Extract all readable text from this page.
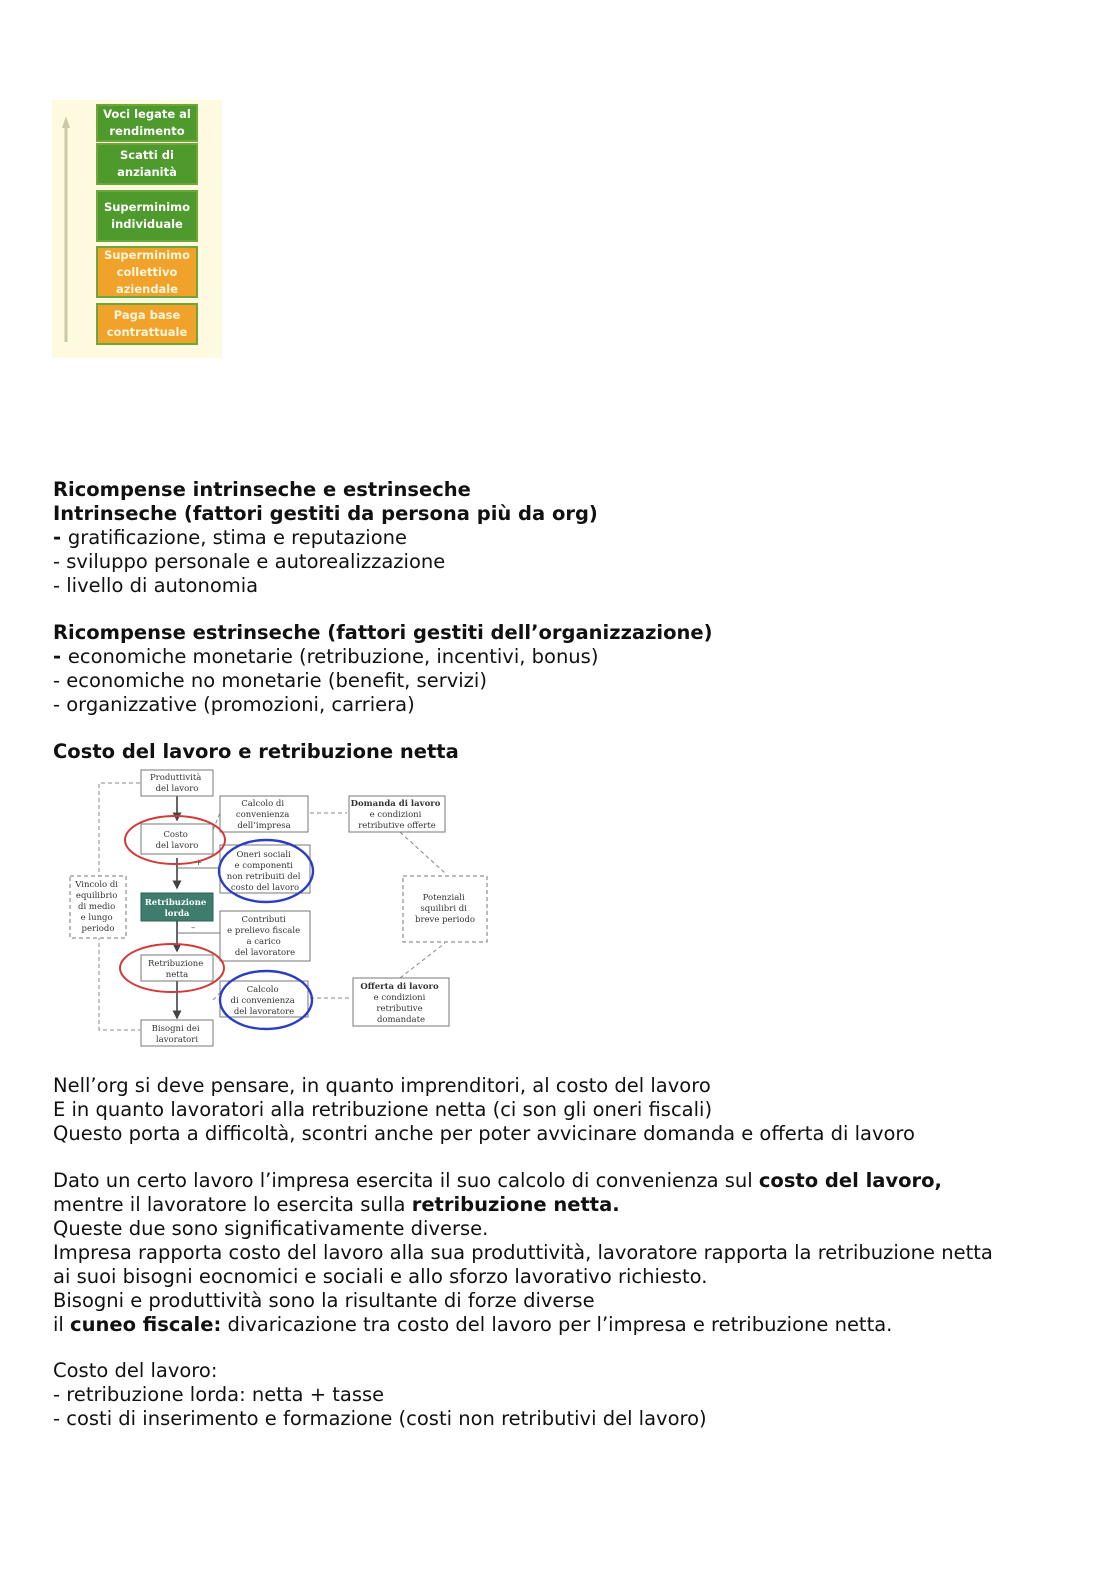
Voci legate al rendimento
Scatti di anzianità
Superminimo individuale
Superminimo collettivo aziendale
Paga base contrattuale

Ricompense intrinseche e estrinseche

Intrinseche (fattori gestiti da persona più da org)

- gratificazione, stima e reputazione

- sviluppo personale e autorealizzazione

- livello di autonomia

Ricompense estrinseche (fattori gestiti dell’organizzazione)

- economiche monetarie (retribuzione, incentivi, bonus)

- economiche no monetarie (benefit, servizi)

- organizzative (promozioni, carriera)

Costo del lavoro e retribuzione netta

+
–
Produttività del lavoro
Calcolo di convenienza dell’impresa
Domanda di lavoro e condizioni retributive offerte
Costo del lavoro
Oneri sociali e componenti non retribuiti del costo del lavoro
Vincolo di equilibrio di medio e lungo periodo
Retribuzione lorda
Potenziali squilibri di breve periodo
Contributi e prelievo fiscale a carico del lavoratore
Retribuzione netta
Calcolo di convenienza del lavoratore
Offerta di lavoro e condizioni retributive domandate
Bisogni dei lavoratori

Nell’org si deve pensare, in quanto imprenditori, al costo del lavoro

E in quanto lavoratori alla retribuzione netta (ci son gli oneri fiscali)

Questo porta a difficoltà, scontri anche per poter avvicinare domanda e offerta di lavoro

Dato un certo lavoro l’impresa esercita il suo calcolo di convenienza sul costo del lavoro,

mentre il lavoratore lo esercita sulla retribuzione netta.

Queste due sono significativamente diverse.

Impresa rapporta costo del lavoro alla sua produttività, lavoratore rapporta la retribuzione netta

ai suoi bisogni eocnomici e sociali e allo sforzo lavorativo richiesto.

Bisogni e produttività sono la risultante di forze diverse

il cuneo fiscale: divaricazione tra costo del lavoro per l’impresa e retribuzione netta.

Costo del lavoro:

- retribuzione lorda: netta + tasse

- costi di inserimento e formazione (costi non retributivi del lavoro)
